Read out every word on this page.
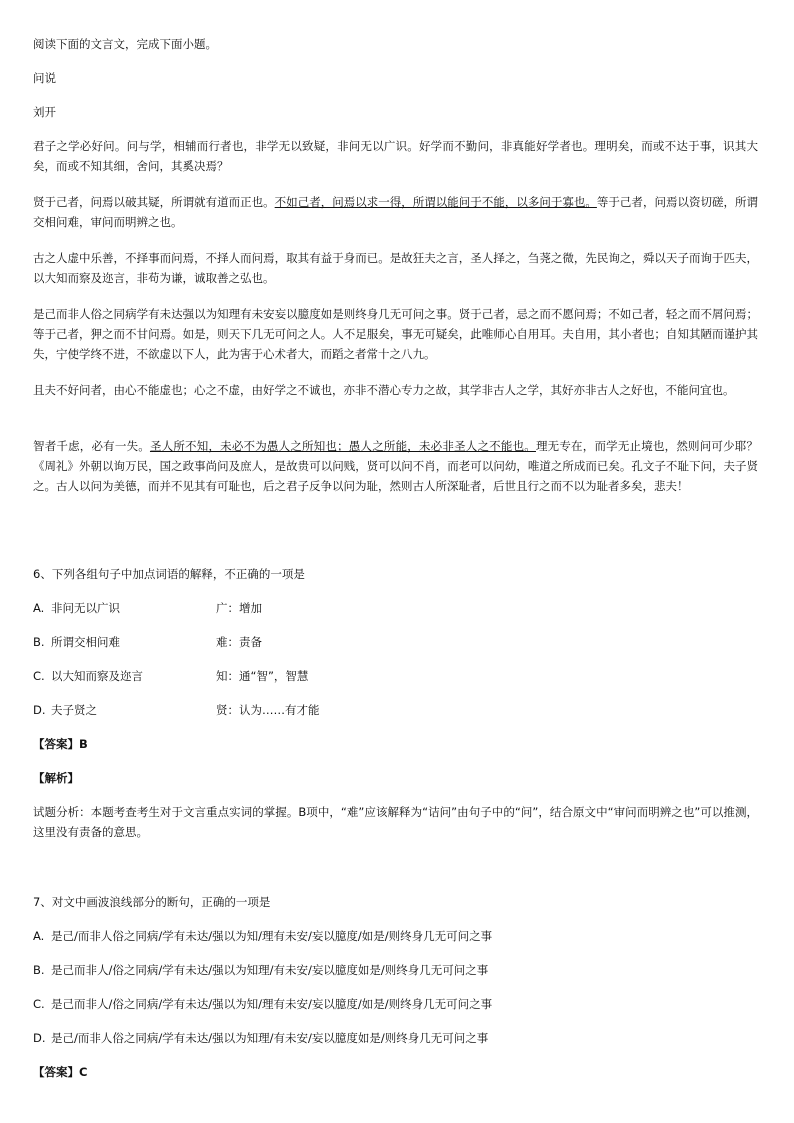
阅读下面的文言文，完成下面小题。

问说

刘开

君子之学必好问。问与学，相辅而行者也，非学无以致疑，非问无以广识。好学而不勤问，非真能好学者也。理明矣，而或不达于事，识其大矣，而或不知其细，舍问，其奚决焉？

贤于己者，问焉以破其疑，所谓就有道而正也。不如己者，问焉以求一得，所谓以能问于不能，以多问于寡也。等于己者，问焉以资切磋，所谓交相问难，审问而明辨之也。

古之人虚中乐善，不择事而问焉，不择人而问焉，取其有益于身而已。是故狂夫之言，圣人择之，刍荛之微，先民询之，舜以天子而询于匹夫，以大知而察及迩言，非苟为谦，诚取善之弘也。

是己而非人俗之同病学有未达强以为知理有未安妄以臆度如是则终身几无可问之事。贤于己者，忌之而不愿问焉；不如己者，轻之而不屑问焉；等于己者，狎之而不甘问焉。如是，则天下几无可问之人。人不足服矣，事无可疑矣，此唯师心自用耳。夫自用，其小者也；自知其陋而谨护其失，宁使学终不进，不欲虚以下人，此为害于心术者大，而蹈之者常十之八九。

且夫不好问者，由心不能虚也；心之不虚，由好学之不诚也，亦非不潜心专力之故，其学非古人之学，其好亦非古人之好也，不能问宜也。

智者千虑，必有一失。圣人所不知，未必不为愚人之所知也；愚人之所能，未必非圣人之不能也。理无专在，而学无止境也，然则问可少耶？《周礼》外朝以询万民，国之政事尚问及庶人，是故贵可以问贱，贤可以问不肖，而老可以问幼，唯道之所成而已矣。孔文子不耻下问，夫子贤之。古人以问为美德，而并不见其有可耻也，后之君子反争以问为耻，然则古人所深耻者，后世且行之而不以为耻者多矣，悲夫！

6、下列各组句子中加点词语的解释，不正确的一项是

A. 非问无以广识	广：增加

B. 所谓交相问难	难：责备

C. 以大知而察及迩言	知：通“智”，智慧

D. 夫子贤之	贤：认为……有才能

【答案】B

【解析】

试题分析：本题考查考生对于文言重点实词的掌握。B项中，“难”应该解释为“诘问”由句子中的“问”，结合原文中“审问而明辨之也”可以推测，这里没有责备的意思。

7、对文中画波浪线部分的断句，正确的一项是

A. 是己/而非人俗之同病/学有未达/强以为知/理有未安/妄以臆度/如是/则终身几无可问之事

B. 是己而非人/俗之同病/学有未达/强以为知理/有未安/妄以臆度如是/则终身几无可问之事

C. 是己而非人/俗之同病/学有未达/强以为知/理有未安/妄以臆度/如是/则终身几无可问之事

D. 是己/而非人俗之同病/学有未达/强以为知理/有未安/妄以臆度如是/则终身几无可问之事

【答案】C
